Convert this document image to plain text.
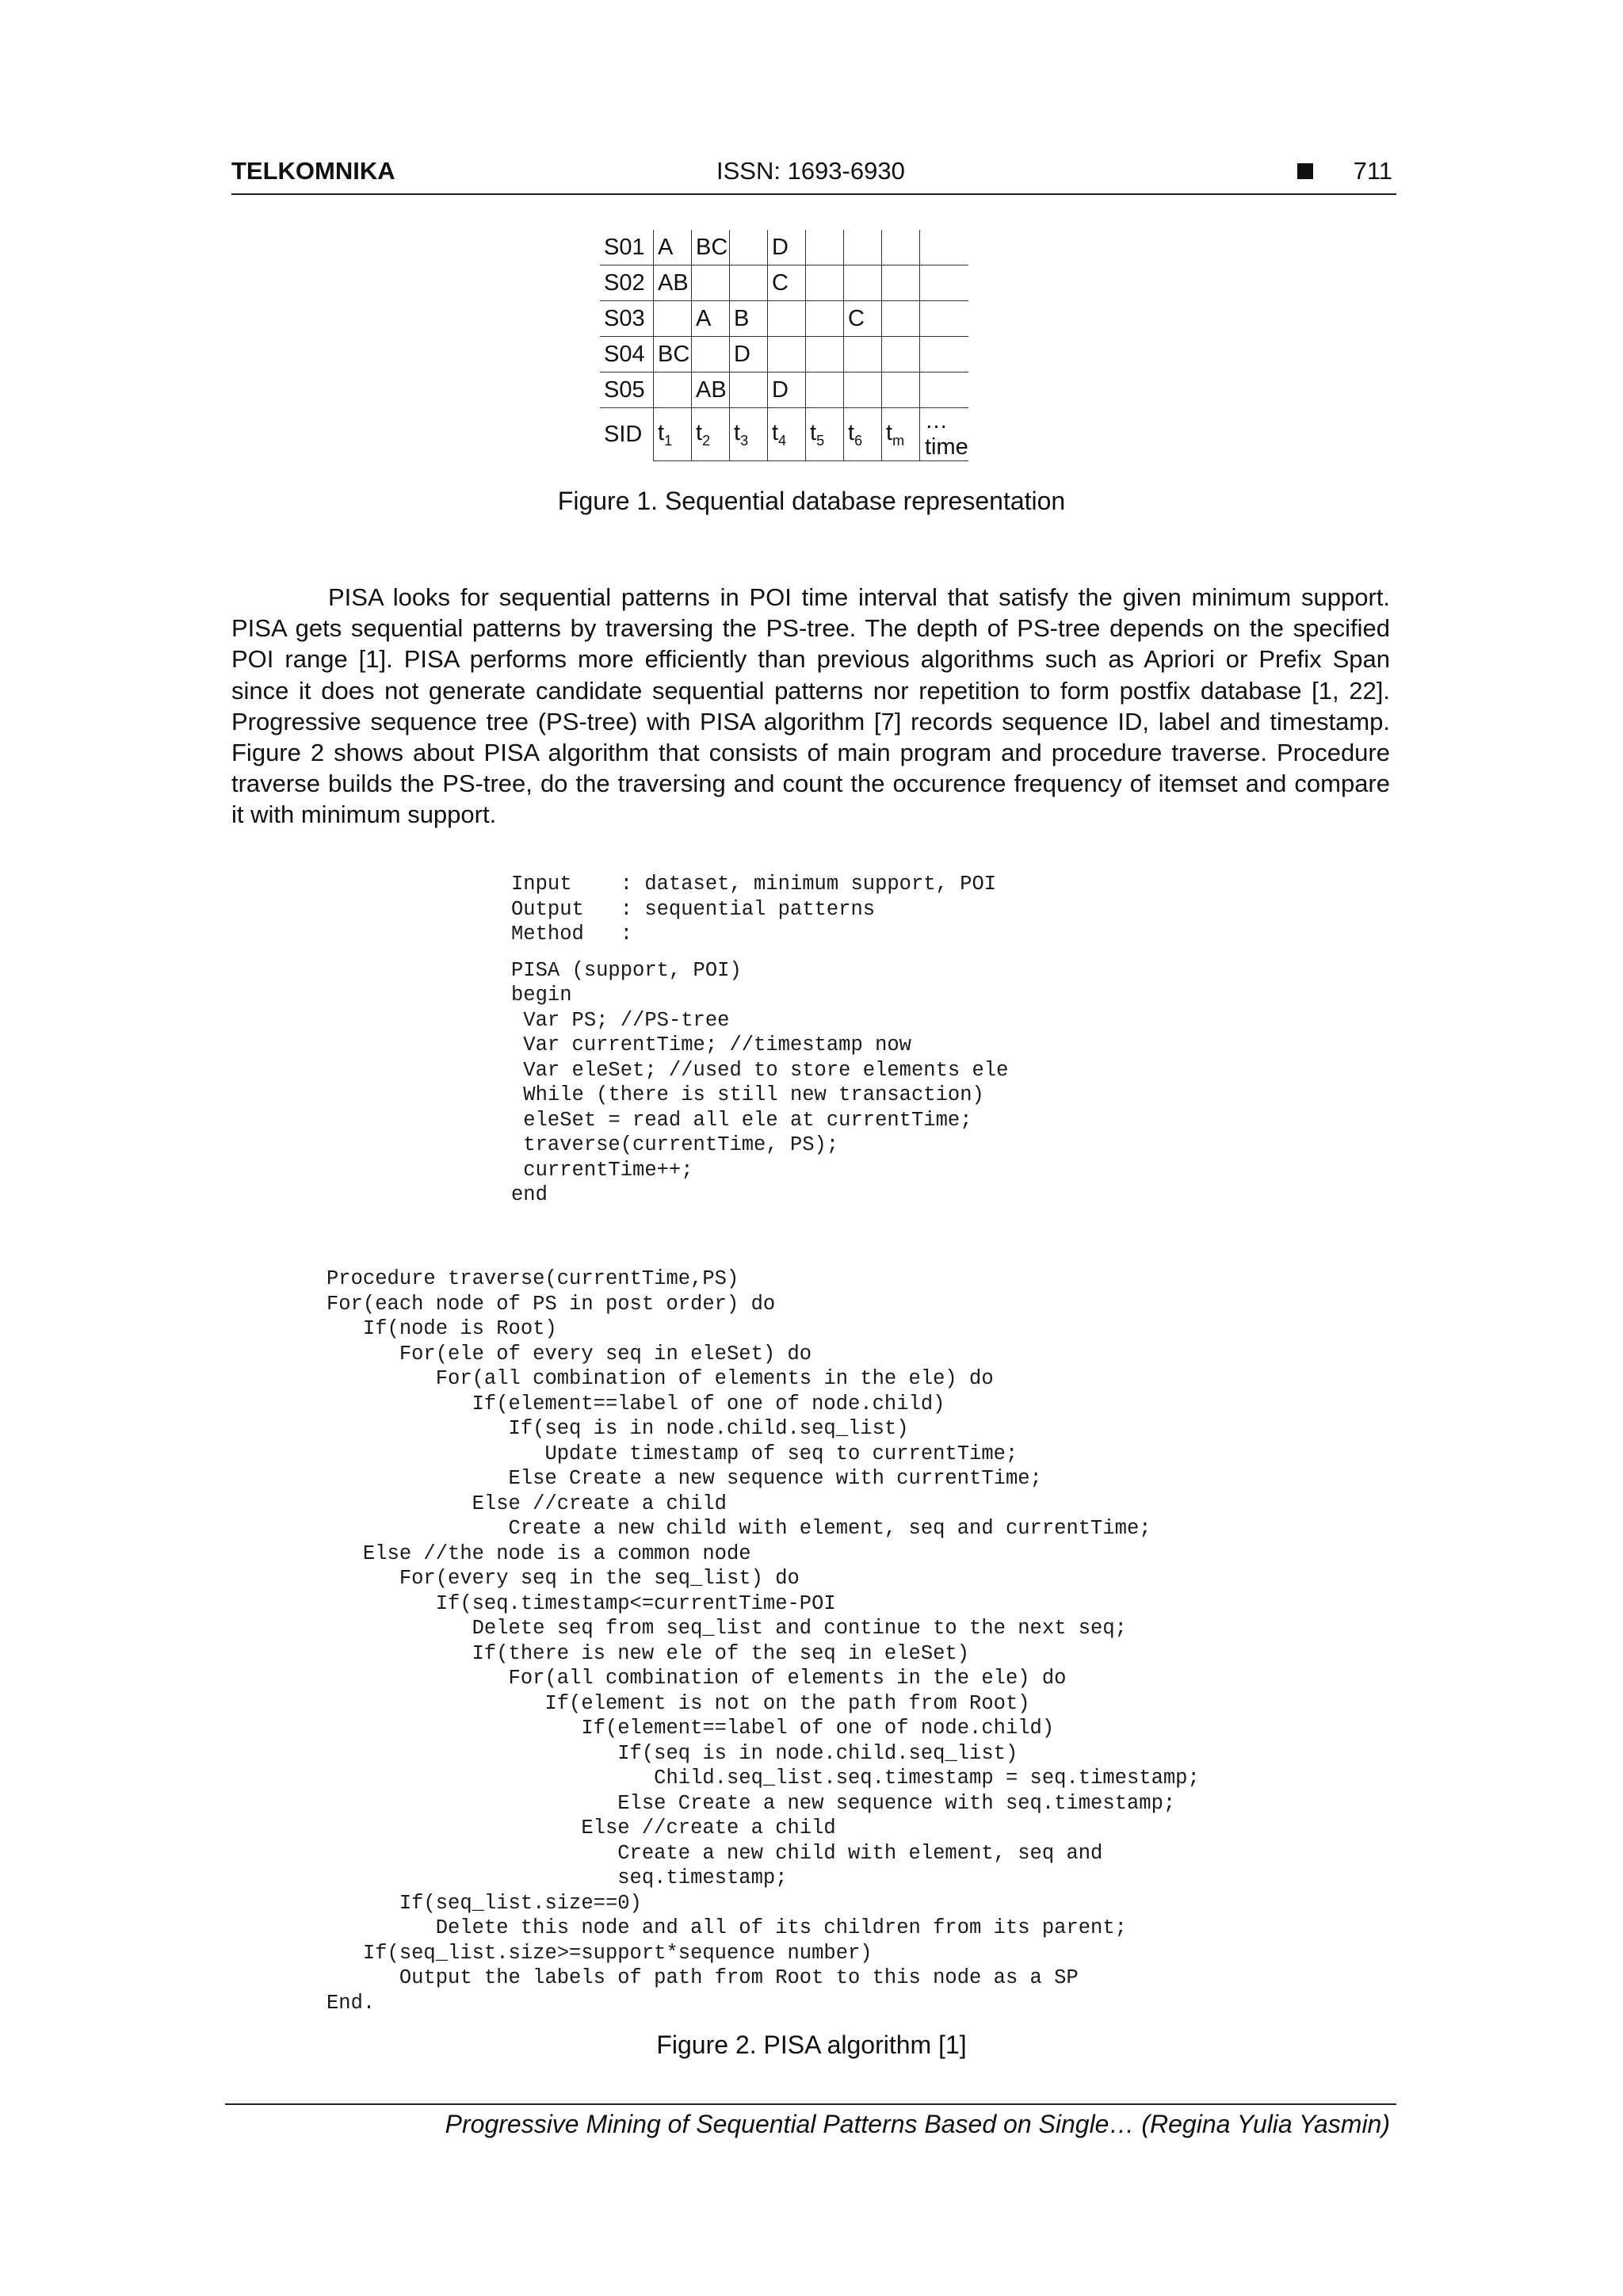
TELKOMNIKA	ISSN: 1693-6930	711
S01	A	BC		D				
S02	AB			C				
S03		A	B			C		
S04	BC		D					
S05		AB		D				
SID	$t_1$	$t_2$	$t_3$	$t_4$	$t_5$	$t_6$	$t_m$	…time
Figure 1. Sequential database representation

PISA looks for sequential patterns in POI time interval that satisfy the given minimum support. PISA gets sequential patterns by traversing the PS-tree. The depth of PS-tree depends on the specified POI range [1]. PISA performs more efficiently than previous algorithms such as Apriori or Prefix Span since it does not generate candidate sequential patterns nor repetition to form postfix database [1, 22]. Progressive sequence tree (PS-tree) with PISA algorithm [7] records sequence ID, label and timestamp. Figure 2 shows about PISA algorithm that consists of main program and procedure traverse. Procedure traverse builds the PS-tree, do the traversing and count the occurence frequency of itemset and compare it with minimum support.

Input    : dataset, minimum support, POI
Output   : sequential patterns
Method   :
PISA (support, POI)
begin
Var PS; //PS-tree
Var currentTime; //timestamp now
Var eleSet; //used to store elements ele
While (there is still new transaction)
eleSet = read all ele at currentTime;
traverse(currentTime, PS);
currentTime++;
end
Procedure traverse(currentTime,PS)
For(each node of PS in post order) do
If(node is Root)
For(ele of every seq in eleSet) do
For(all combination of elements in the ele) do
If(element==label of one of node.child)
If(seq is in node.child.seq_list)
Update timestamp of seq to currentTime;
Else Create a new sequence with currentTime;
Else //create a child
Create a new child with element, seq and currentTime;
Else //the node is a common node
For(every seq in the seq_list) do
If(seq.timestamp<=currentTime-POI
Delete seq from seq_list and continue to the next seq;
If(there is new ele of the seq in eleSet)
For(all combination of elements in the ele) do
If(element is not on the path from Root)
If(element==label of one of node.child)
If(seq is in node.child.seq_list)
Child.seq_list.seq.timestamp = seq.timestamp;
Else Create a new sequence with seq.timestamp;
Else //create a child
Create a new child with element, seq and
seq.timestamp;
If(seq_list.size==0)
Delete this node and all of its children from its parent;
If(seq_list.size>=support*sequence number)
Output the labels of path from Root to this node as a SP
End.
Figure 2. PISA algorithm [1]
Progressive Mining of Sequential Patterns Based on Single… (Regina Yulia Yasmin)
